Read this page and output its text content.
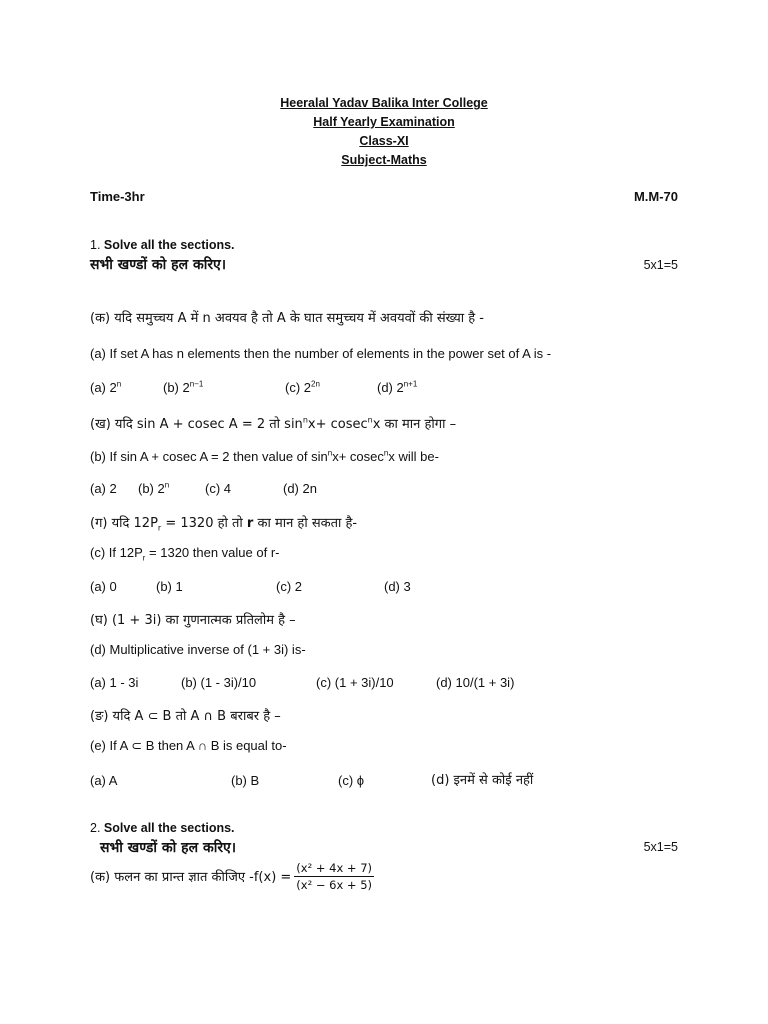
Heeralal Yadav Balika Inter College
Half Yearly Examination
Class-XI
Subject-Maths
Time-3hr	M.M-70
1. Solve all the sections.
सभी खण्डों को हल करिए।	5x1=5
(क) यदि समुच्चय A में n अवयव है तो A के घात समुच्चय में अवयवों की संख्या है -
(a) If set A has n elements then the number of elements in the power set of A is -
(a) 2$^n$	(b) $2^{n-1}$	(c) $2^{2n}$	(d) $2^{n+1}$
(ख) यदि sin A + cosec A = 2 तो $\sin^nx+ cosec^nx$ का मान होगा –
(b) If sin A + cosec A = 2 then value of $\sin^nx+ cosec^nx$ will be-
(a) 2 (b) 2$^n$	(c) 4	(d) 2n
(ग) यदि $12P_r = 1320$ हो तो r का मान हो सकता है-
(c) If $12P_r = 1320$ then value of r-
(a) 0	(b) 1	(c) 2	(d) 3
(घ) (1 + 3i) का गुणनात्मक प्रतिलोम है –
(d) Multiplicative inverse of (1 + 3i) is-
(a) 1 - 3i	(b) (1 - 3i)/10	(c) (1 + 3i)/10	(d) 10/(1 + 3i)
(ङ) यदि A ⊂ B तो A ∩ B बराबर है –
(e) If A ⊂ B then A ∩ B is equal to-
(a) A	(b) B	(c) ϕ	(d) इनमें से कोई नहीं
2. Solve all the sections.
सभी खण्डों को हल करिए।	5x1=5
(क) फलन का प्रान्त ज्ञात कीजिए $-f(x) = \frac{\text{(x² + 4x + 7)}}{\text{(x² − 6x + 5)}}$
